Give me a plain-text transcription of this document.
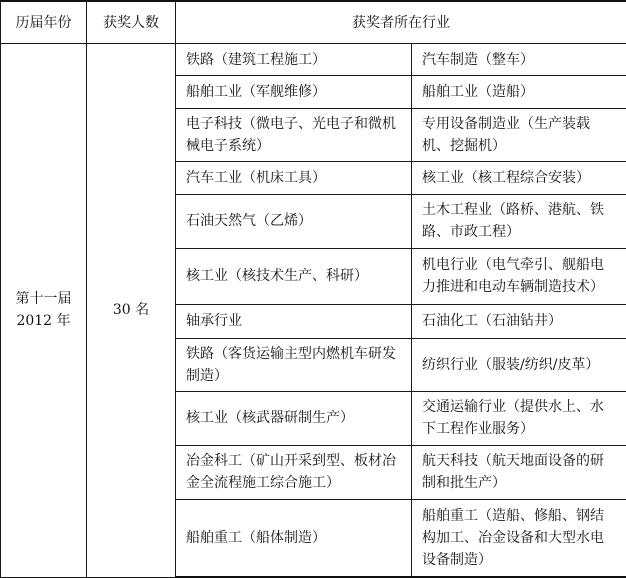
历届年份	获奖人数	获奖者所在行业	

第十一届
2012 年	30 名	铁路（建筑工程施工）	汽车制造（整车）
		船舶工业（军舰维修）	船舶工业（造船）
		电子科技（微电子、光电子和微机械电子系统）	专用设备制造业（生产装载机、挖掘机）
		汽车工业（机床工具）	核工业（核工程综合安装）
		石油天然气（乙烯）	土木工程业（路桥、港航、铁路、市政工程）
		核工业（核技术生产、科研）	机电行业（电气牵引、舰船电力推进和电动车辆制造技术）
		轴承行业	石油化工（石油钻井）
		铁路（客货运输主型内燃机车研发制造）	纺织行业（服装/纺织/皮革）
		核工业（核武器研制生产）	交通运输行业（提供水上、水下工程作业服务）
		冶金科工（矿山开采到型、板材冶金全流程施工综合施工）	航天科技（航天地面设备的研制和批生产）
		船舶重工（船体制造）	船舶重工（造船、修船、钢结构加工、冶金设备和大型水电设备制造）
